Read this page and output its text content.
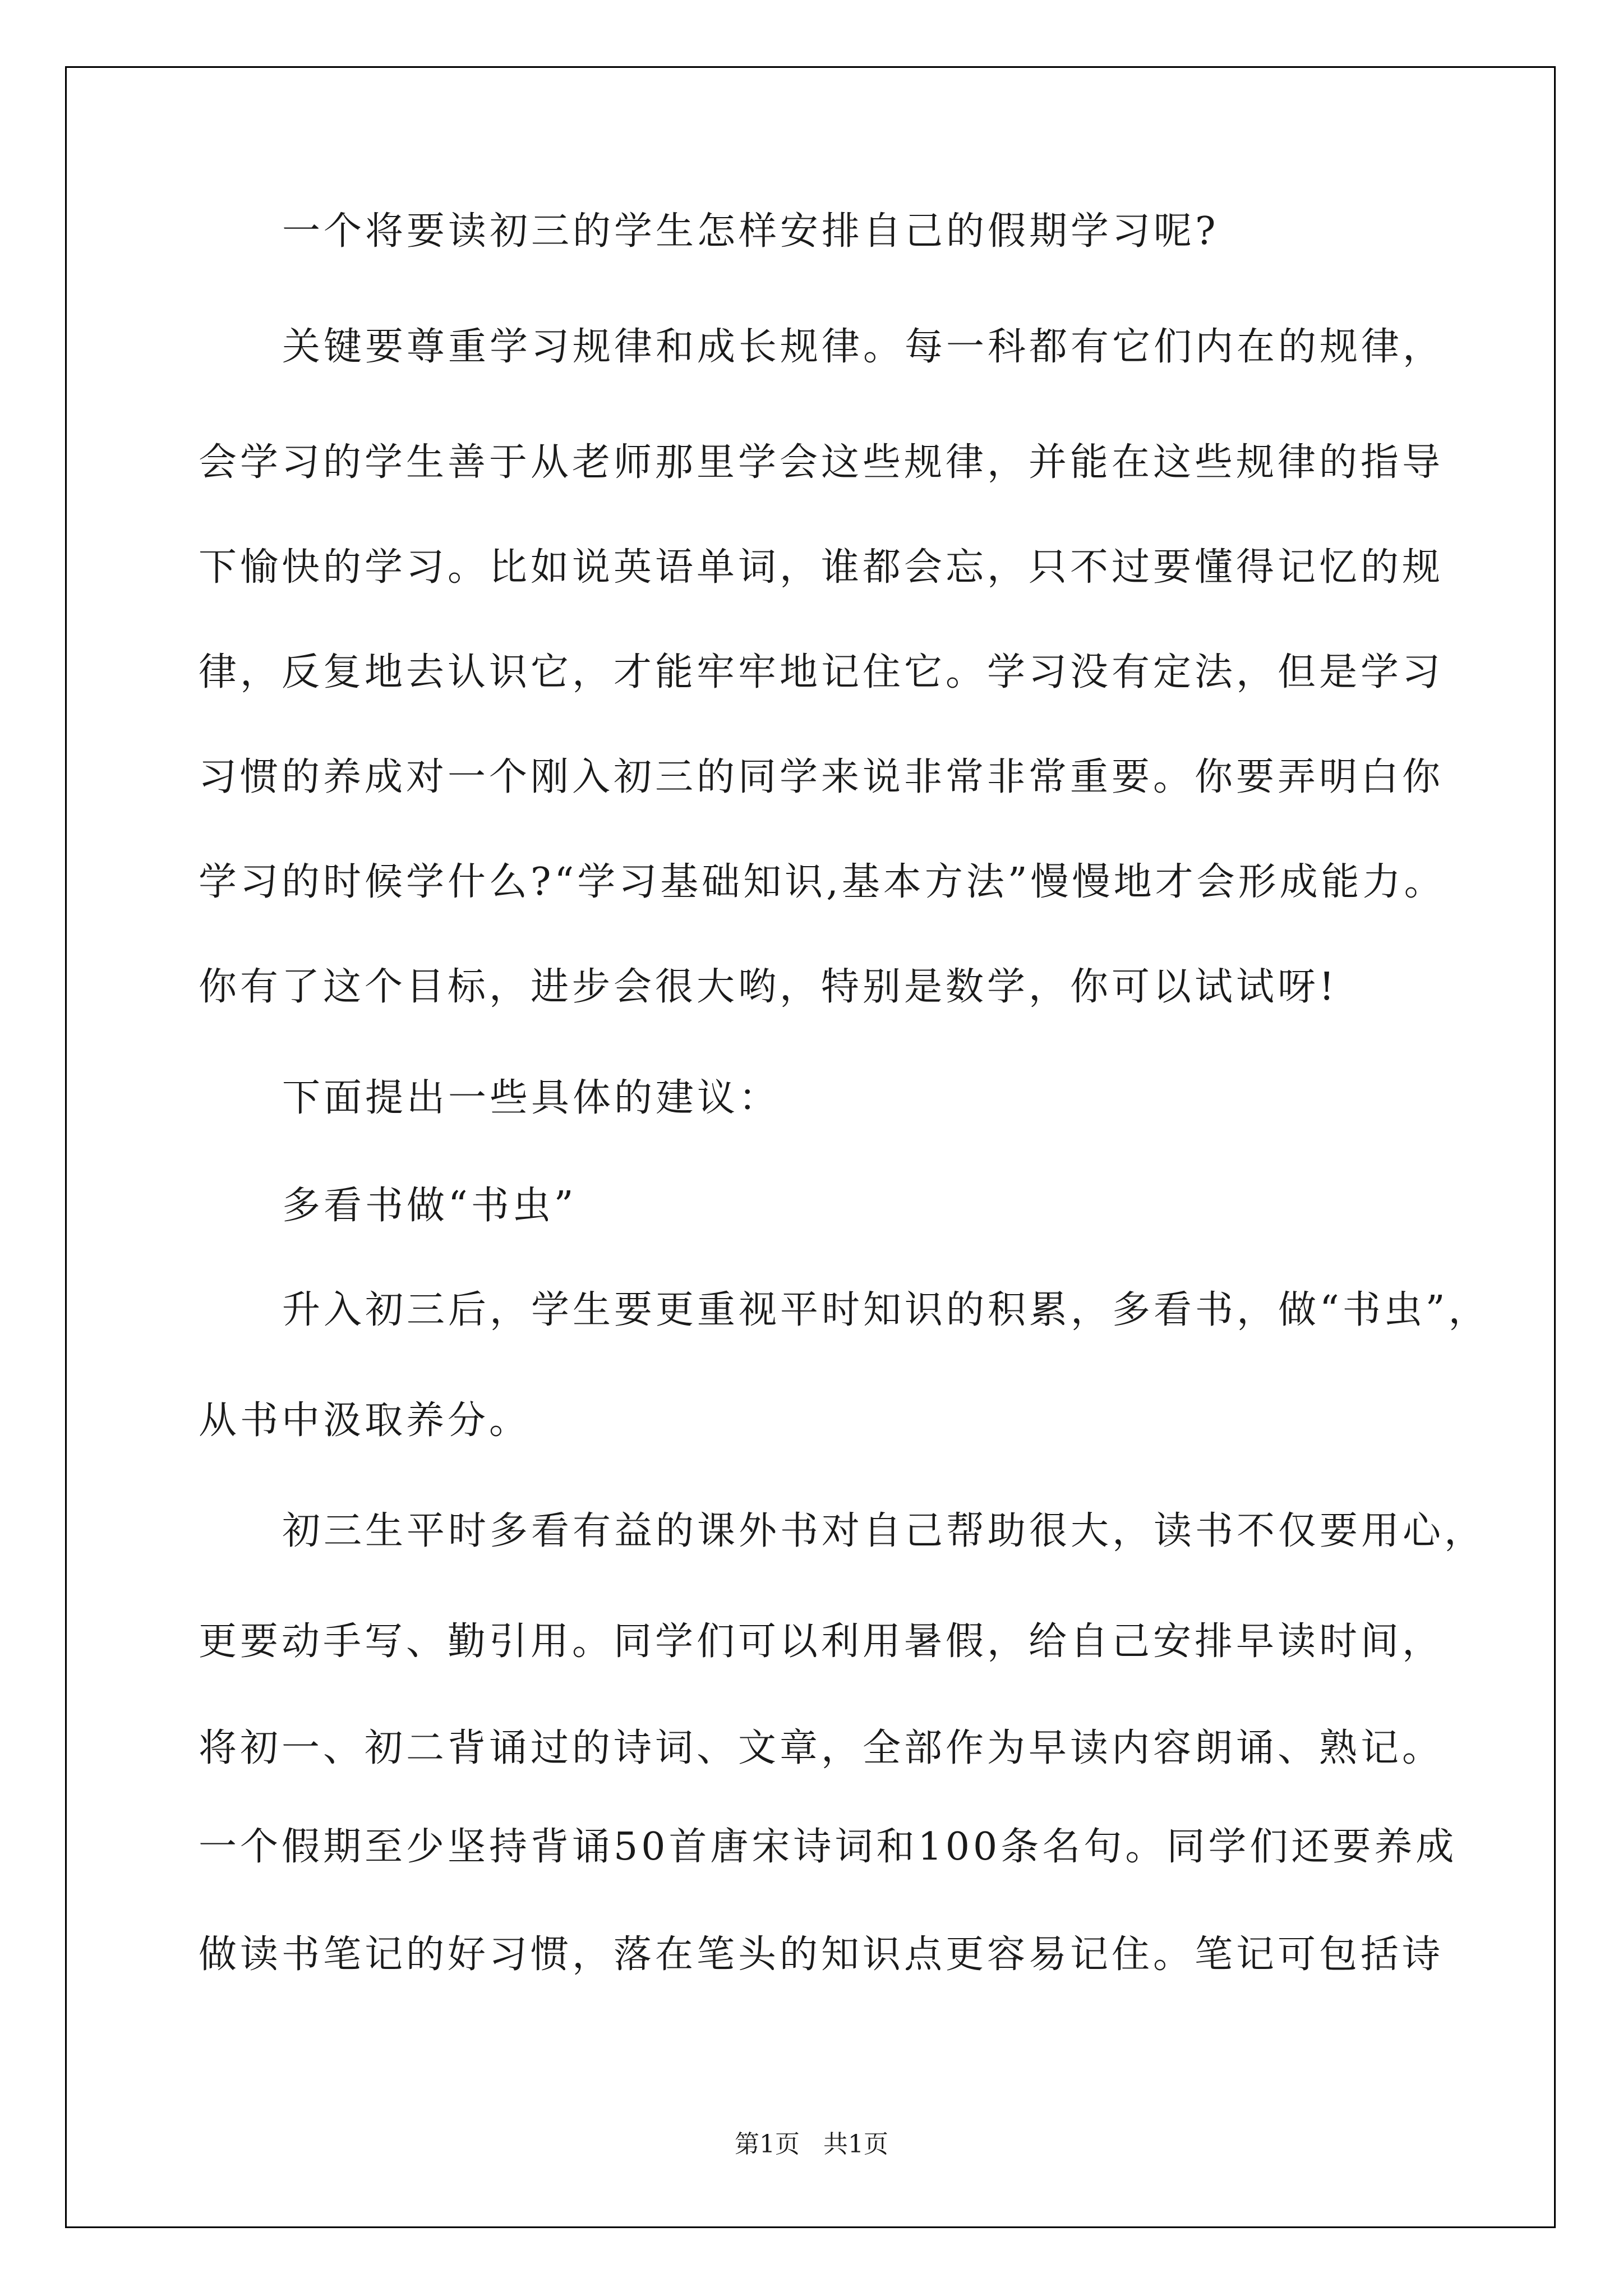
一个将要读初三的学生怎样安排自己的假期学习呢?
关键要尊重学习规律和成长规律。每一科都有它们内在的规律，
会学习的学生善于从老师那里学会这些规律，并能在这些规律的指导
下愉快的学习。比如说英语单词，谁都会忘，只不过要懂得记忆的规
律，反复地去认识它，才能牢牢地记住它。学习没有定法，但是学习
习惯的养成对一个刚入初三的同学来说非常非常重要。你要弄明白你
学习的时候学什么?“学习基础知识,基本方法”慢慢地才会形成能力。
你有了这个目标，进步会很大哟，特别是数学，你可以试试呀!
下面提出一些具体的建议：
多看书做“书虫”
升入初三后，学生要更重视平时知识的积累，多看书，做“书虫”，
从书中汲取养分。
初三生平时多看有益的课外书对自己帮助很大，读书不仅要用心，
更要动手写、勤引用。同学们可以利用暑假，给自己安排早读时间，
将初一、初二背诵过的诗词、文章，全部作为早读内容朗诵、熟记。
一个假期至少坚持背诵50首唐宋诗词和100条名句。同学们还要养成
做读书笔记的好习惯，落在笔头的知识点更容易记住。笔记可包括诗
第1页   共1页
